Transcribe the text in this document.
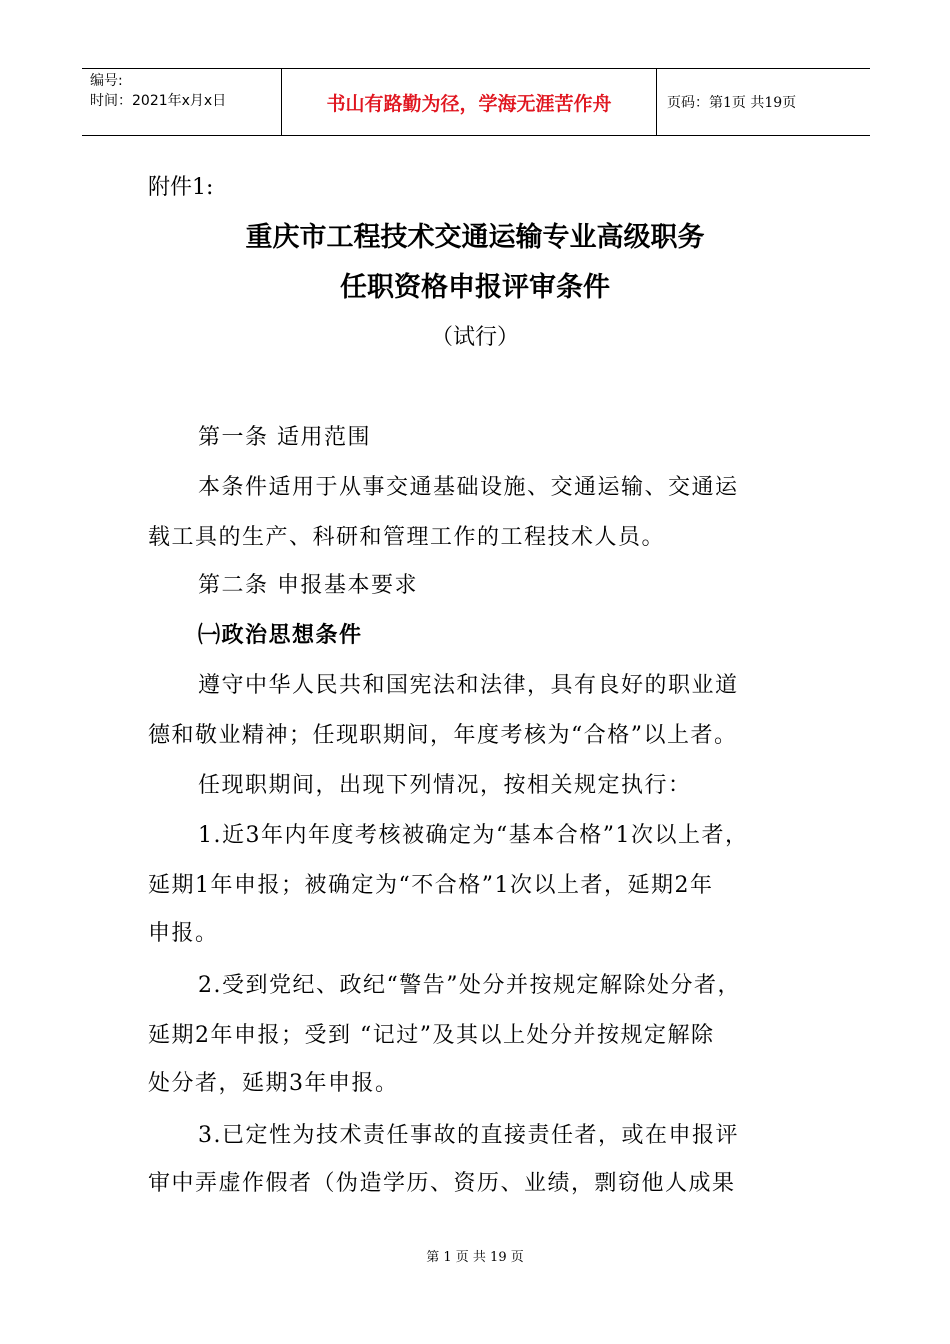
编号:
时间：2021年x月x日	书山有路勤为径，学海无涯苦作舟	页码：第1页 共19页
附件1:
重庆市工程技术交通运输专业高级职务
任职资格申报评审条件
（试行）
第一条 适用范围
本条件适用于从事交通基础设施、交通运输、交通运
载工具的生产、科研和管理工作的工程技术人员。
第二条 申报基本要求
㈠政治思想条件
遵守中华人民共和国宪法和法律，具有良好的职业道
德和敬业精神；任现职期间，年度考核为“合格”以上者。
任现职期间，出现下列情况，按相关规定执行：
1.近3年内年度考核被确定为“基本合格”1次以上者，
延期1年申报；被确定为“不合格”1次以上者，延期2年
申报。
2.受到党纪、政纪“警告”处分并按规定解除处分者，
延期2年申报；受到 “记过”及其以上处分并按规定解除
处分者，延期3年申报。
3.已定性为技术责任事故的直接责任者，或在申报评
审中弄虚作假者（伪造学历、资历、业绩，剽窃他人成果
第 1 页 共 19 页
